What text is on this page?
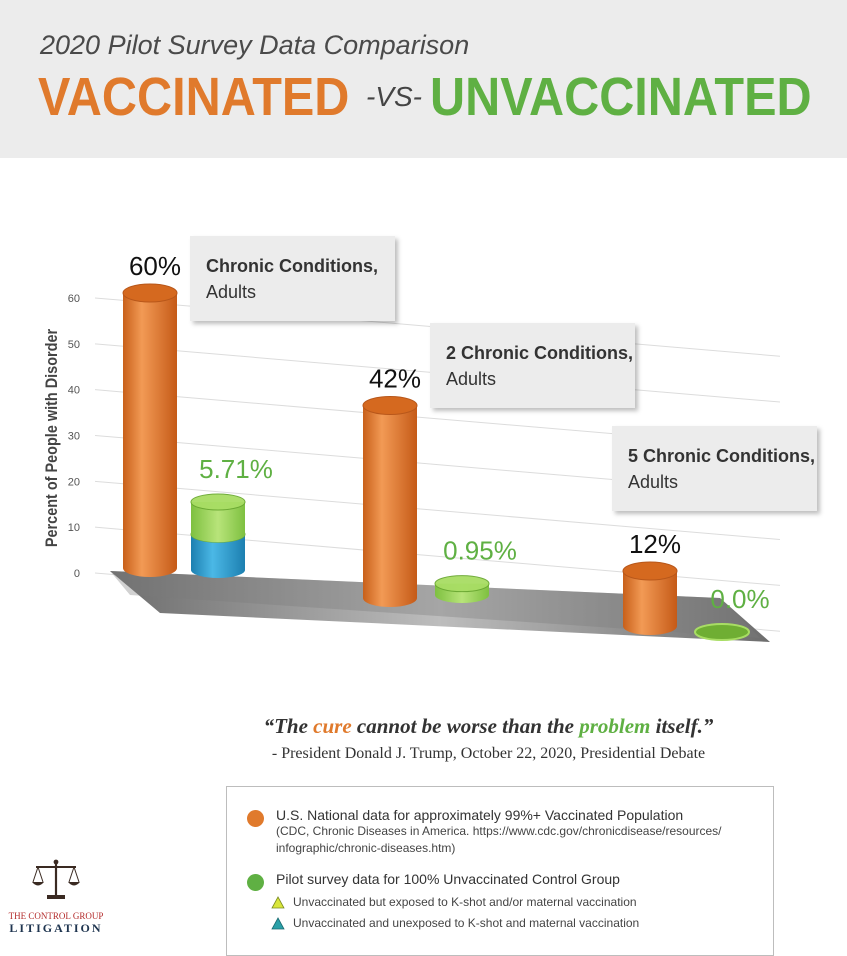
2020 Pilot Survey Data Comparison
VACCINATED -VS- UNVACCINATED
0
10
20
30
40
50
60
Percent of People with Disorder
Chronic Conditions,
Adults
60%
5.71%
2 Chronic Conditions,
Adults
42%
0.95%
5 Chronic Conditions,
Adults
12%
0.0%
“The cure cannot be worse than the problem itself.”
- President Donald J. Trump, October 22, 2020, Presidential Debate
U.S. National data for approximately 99%+ Vaccinated Population
(CDC, Chronic Diseases in America. https://www.cdc.gov/chronicdisease/resources/
infographic/chronic-diseases.htm)
Pilot survey data for 100% Unvaccinated Control Group
Unvaccinated but exposed to K-shot and/or maternal vaccination
Unvaccinated and unexposed to K-shot and maternal vaccination
THE CONTROL GROUP
LITIGATION
